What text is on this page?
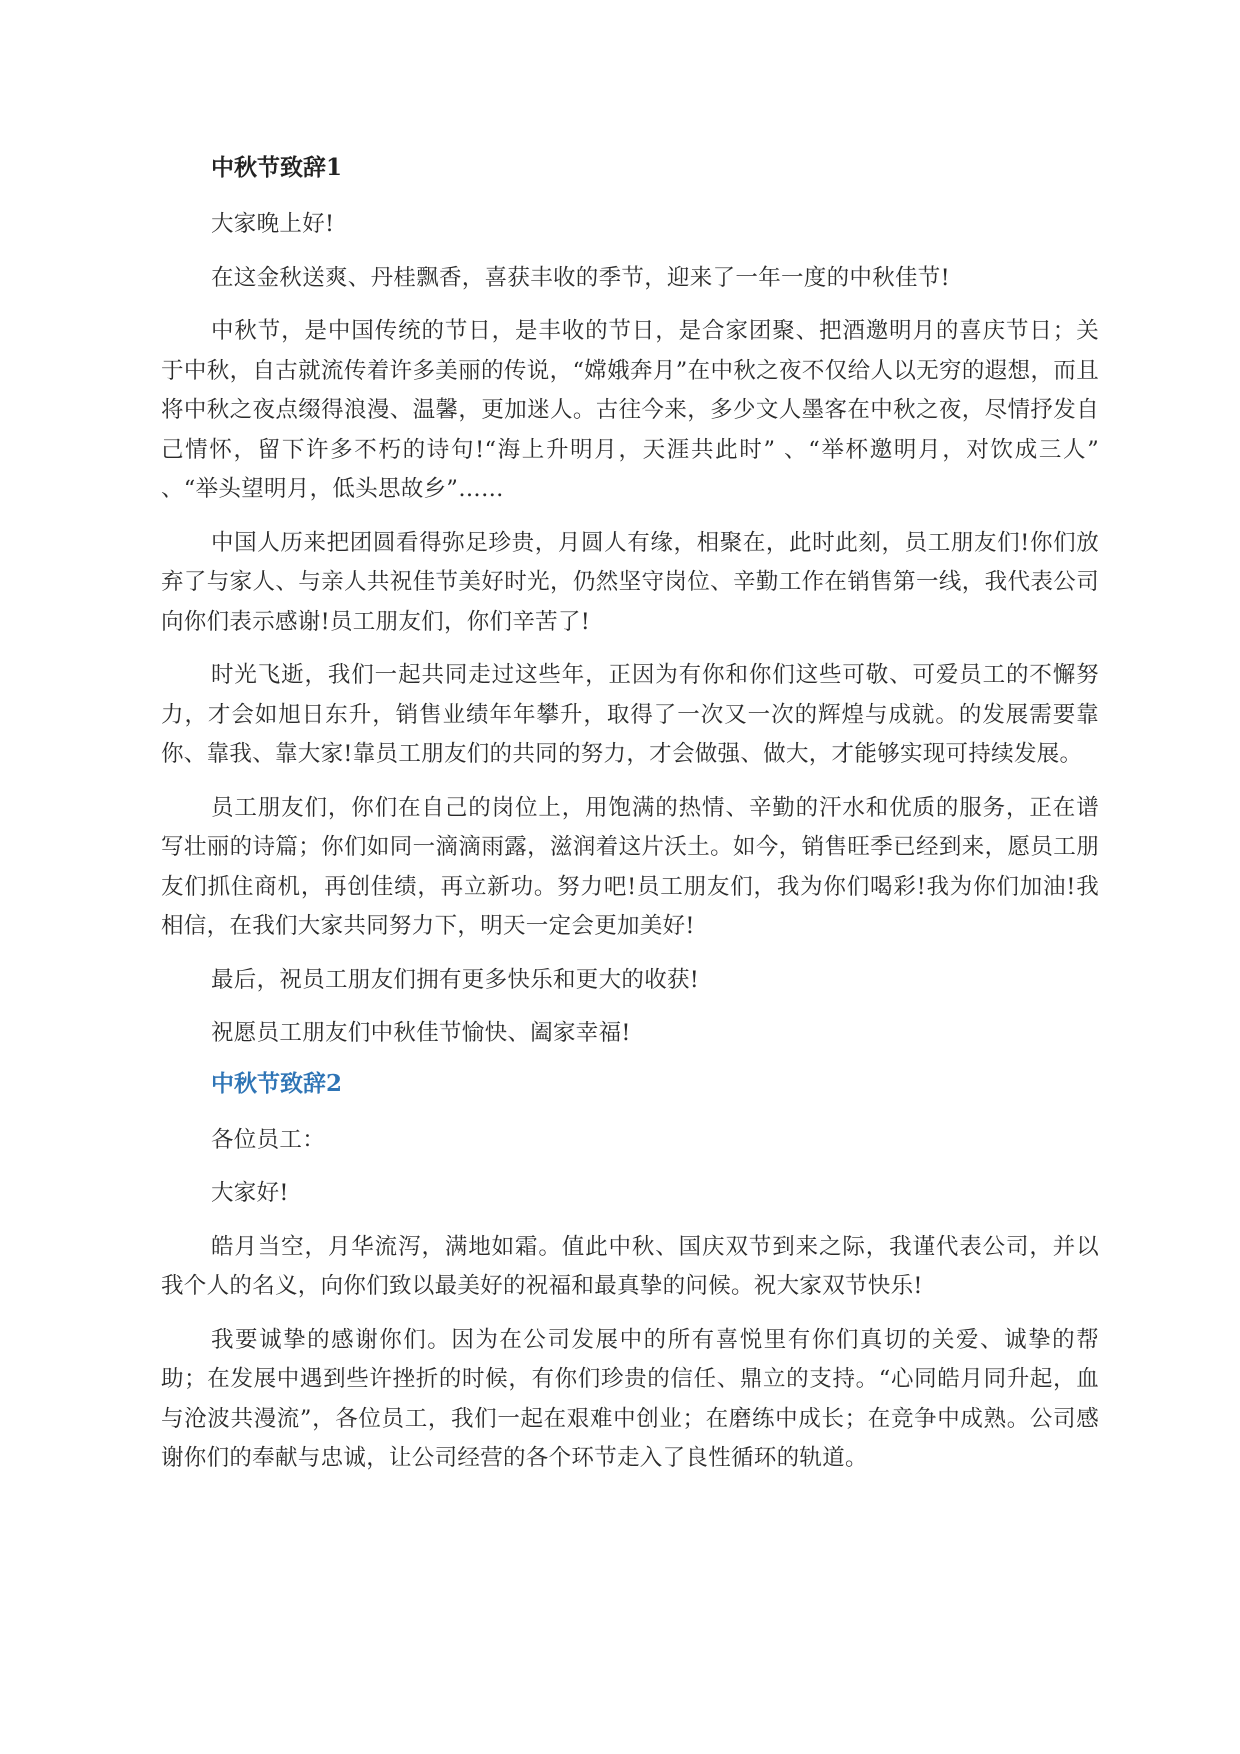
中秋节致辞1

大家晚上好!

在这金秋送爽、丹桂飘香，喜获丰收的季节，迎来了一年一度的中秋佳节!

中秋节，是中国传统的节日，是丰收的节日，是合家团聚、把酒邀明月的喜庆节日；关于中秋，自古就流传着许多美丽的传说，“嫦娥奔月”在中秋之夜不仅给人以无穷的遐想，而且将中秋之夜点缀得浪漫、温馨，更加迷人。古往今来，多少文人墨客在中秋之夜，尽情抒发自己情怀，留下许多不朽的诗句!“海上升明月，天涯共此时” 、“举杯邀明月，对饮成三人” 、“举头望明月，低头思故乡”……

中国人历来把团圆看得弥足珍贵，月圆人有缘，相聚在，此时此刻，员工朋友们!你们放弃了与家人、与亲人共祝佳节美好时光，仍然坚守岗位、辛勤工作在销售第一线，我代表公司向你们表示感谢!员工朋友们，你们辛苦了!

时光飞逝，我们一起共同走过这些年，正因为有你和你们这些可敬、可爱员工的不懈努力，才会如旭日东升，销售业绩年年攀升，取得了一次又一次的辉煌与成就。的发展需要靠你、靠我、靠大家!靠员工朋友们的共同的努力，才会做强、做大，才能够实现可持续发展。

员工朋友们，你们在自己的岗位上，用饱满的热情、辛勤的汗水和优质的服务，正在谱写壮丽的诗篇；你们如同一滴滴雨露，滋润着这片沃土。如今，销售旺季已经到来，愿员工朋友们抓住商机，再创佳绩，再立新功。努力吧!员工朋友们，我为你们喝彩!我为你们加油!我相信，在我们大家共同努力下，明天一定会更加美好!

最后，祝员工朋友们拥有更多快乐和更大的收获!

祝愿员工朋友们中秋佳节愉快、阖家幸福!

中秋节致辞2

各位员工：

大家好!

皓月当空，月华流泻，满地如霜。值此中秋、国庆双节到来之际，我谨代表公司，并以我个人的名义，向你们致以最美好的祝福和最真挚的问候。祝大家双节快乐!

我要诚挚的感谢你们。因为在公司发展中的所有喜悦里有你们真切的关爱、诚挚的帮助；在发展中遇到些许挫折的时候，有你们珍贵的信任、鼎立的支持。“心同皓月同升起，血与沧波共漫流”，各位员工，我们一起在艰难中创业；在磨练中成长；在竞争中成熟。公司感谢你们的奉献与忠诚，让公司经营的各个环节走入了良性循环的轨道。
